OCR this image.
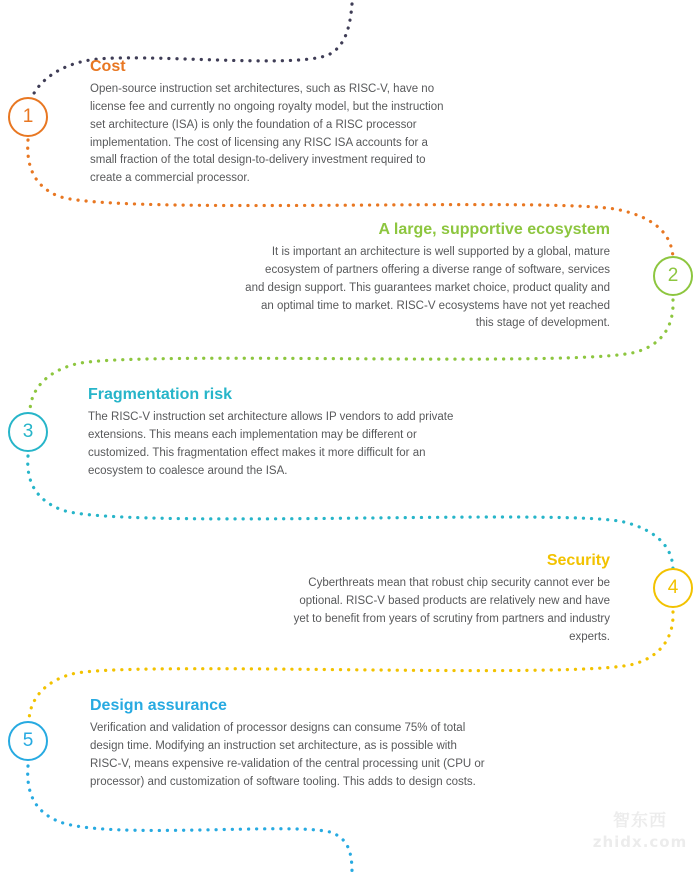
1
Cost

Open-source instruction set architectures, such as RISC-V, have no license fee and currently no ongoing royalty model, but the instruction set architecture (ISA) is only the foundation of a RISC processor implementation. The cost of licensing any RISC ISA accounts for a small fraction of the total design-to-delivery investment required to create a commercial processor.

2
A large, supportive ecosystem

It is important an architecture is well supported by a global, mature ecosystem of partners offering a diverse range of software, services and design support. This guarantees market choice, product quality and an optimal time to market. RISC-V ecosystems have not yet reached this stage of development.

3
Fragmentation risk

The RISC-V instruction set architecture allows IP vendors to add private extensions. This means each implementation may be different or customized. This fragmentation effect makes it more difficult for an ecosystem to coalesce around the ISA.

4
Security

Cyberthreats mean that robust chip security cannot ever be optional. RISC-V based products are relatively new and have yet to benefit from years of scrutiny from partners and industry experts.

5
Design assurance

Verification and validation of processor designs can consume 75% of total design time. Modifying an instruction set architecture, as is possible with RISC-V, means expensive re-validation of the central processing unit (CPU or processor) and customization of software tooling. This adds to design costs.

智东西
zhidx.com
